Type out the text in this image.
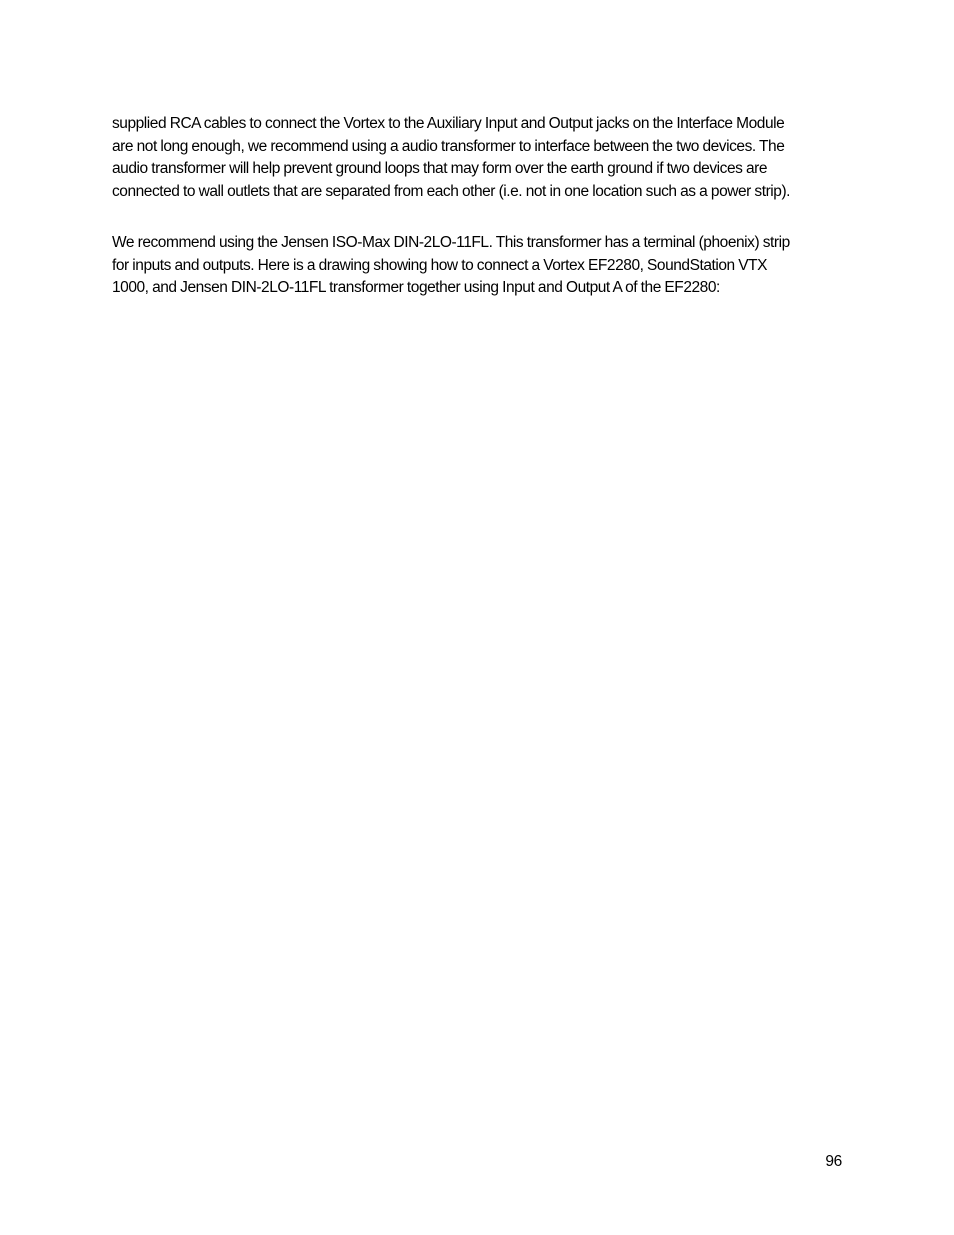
supplied RCA cables to connect the Vortex to the Auxiliary Input and Output jacks on the Interface Module
are not long enough, we recommend using a audio transformer to interface between the two devices. The
audio transformer will help prevent ground loops that may form over the earth ground if two devices are
connected to wall outlets that are separated from each other (i.e. not in one location such as a power strip).

We recommend using the Jensen ISO-Max DIN-2LO-11FL. This transformer has a terminal (phoenix) strip
for inputs and outputs. Here is a drawing showing how to connect a Vortex EF2280, SoundStation VTX
1000, and Jensen DIN-2LO-11FL transformer together using Input and Output A of the EF2280:

96
